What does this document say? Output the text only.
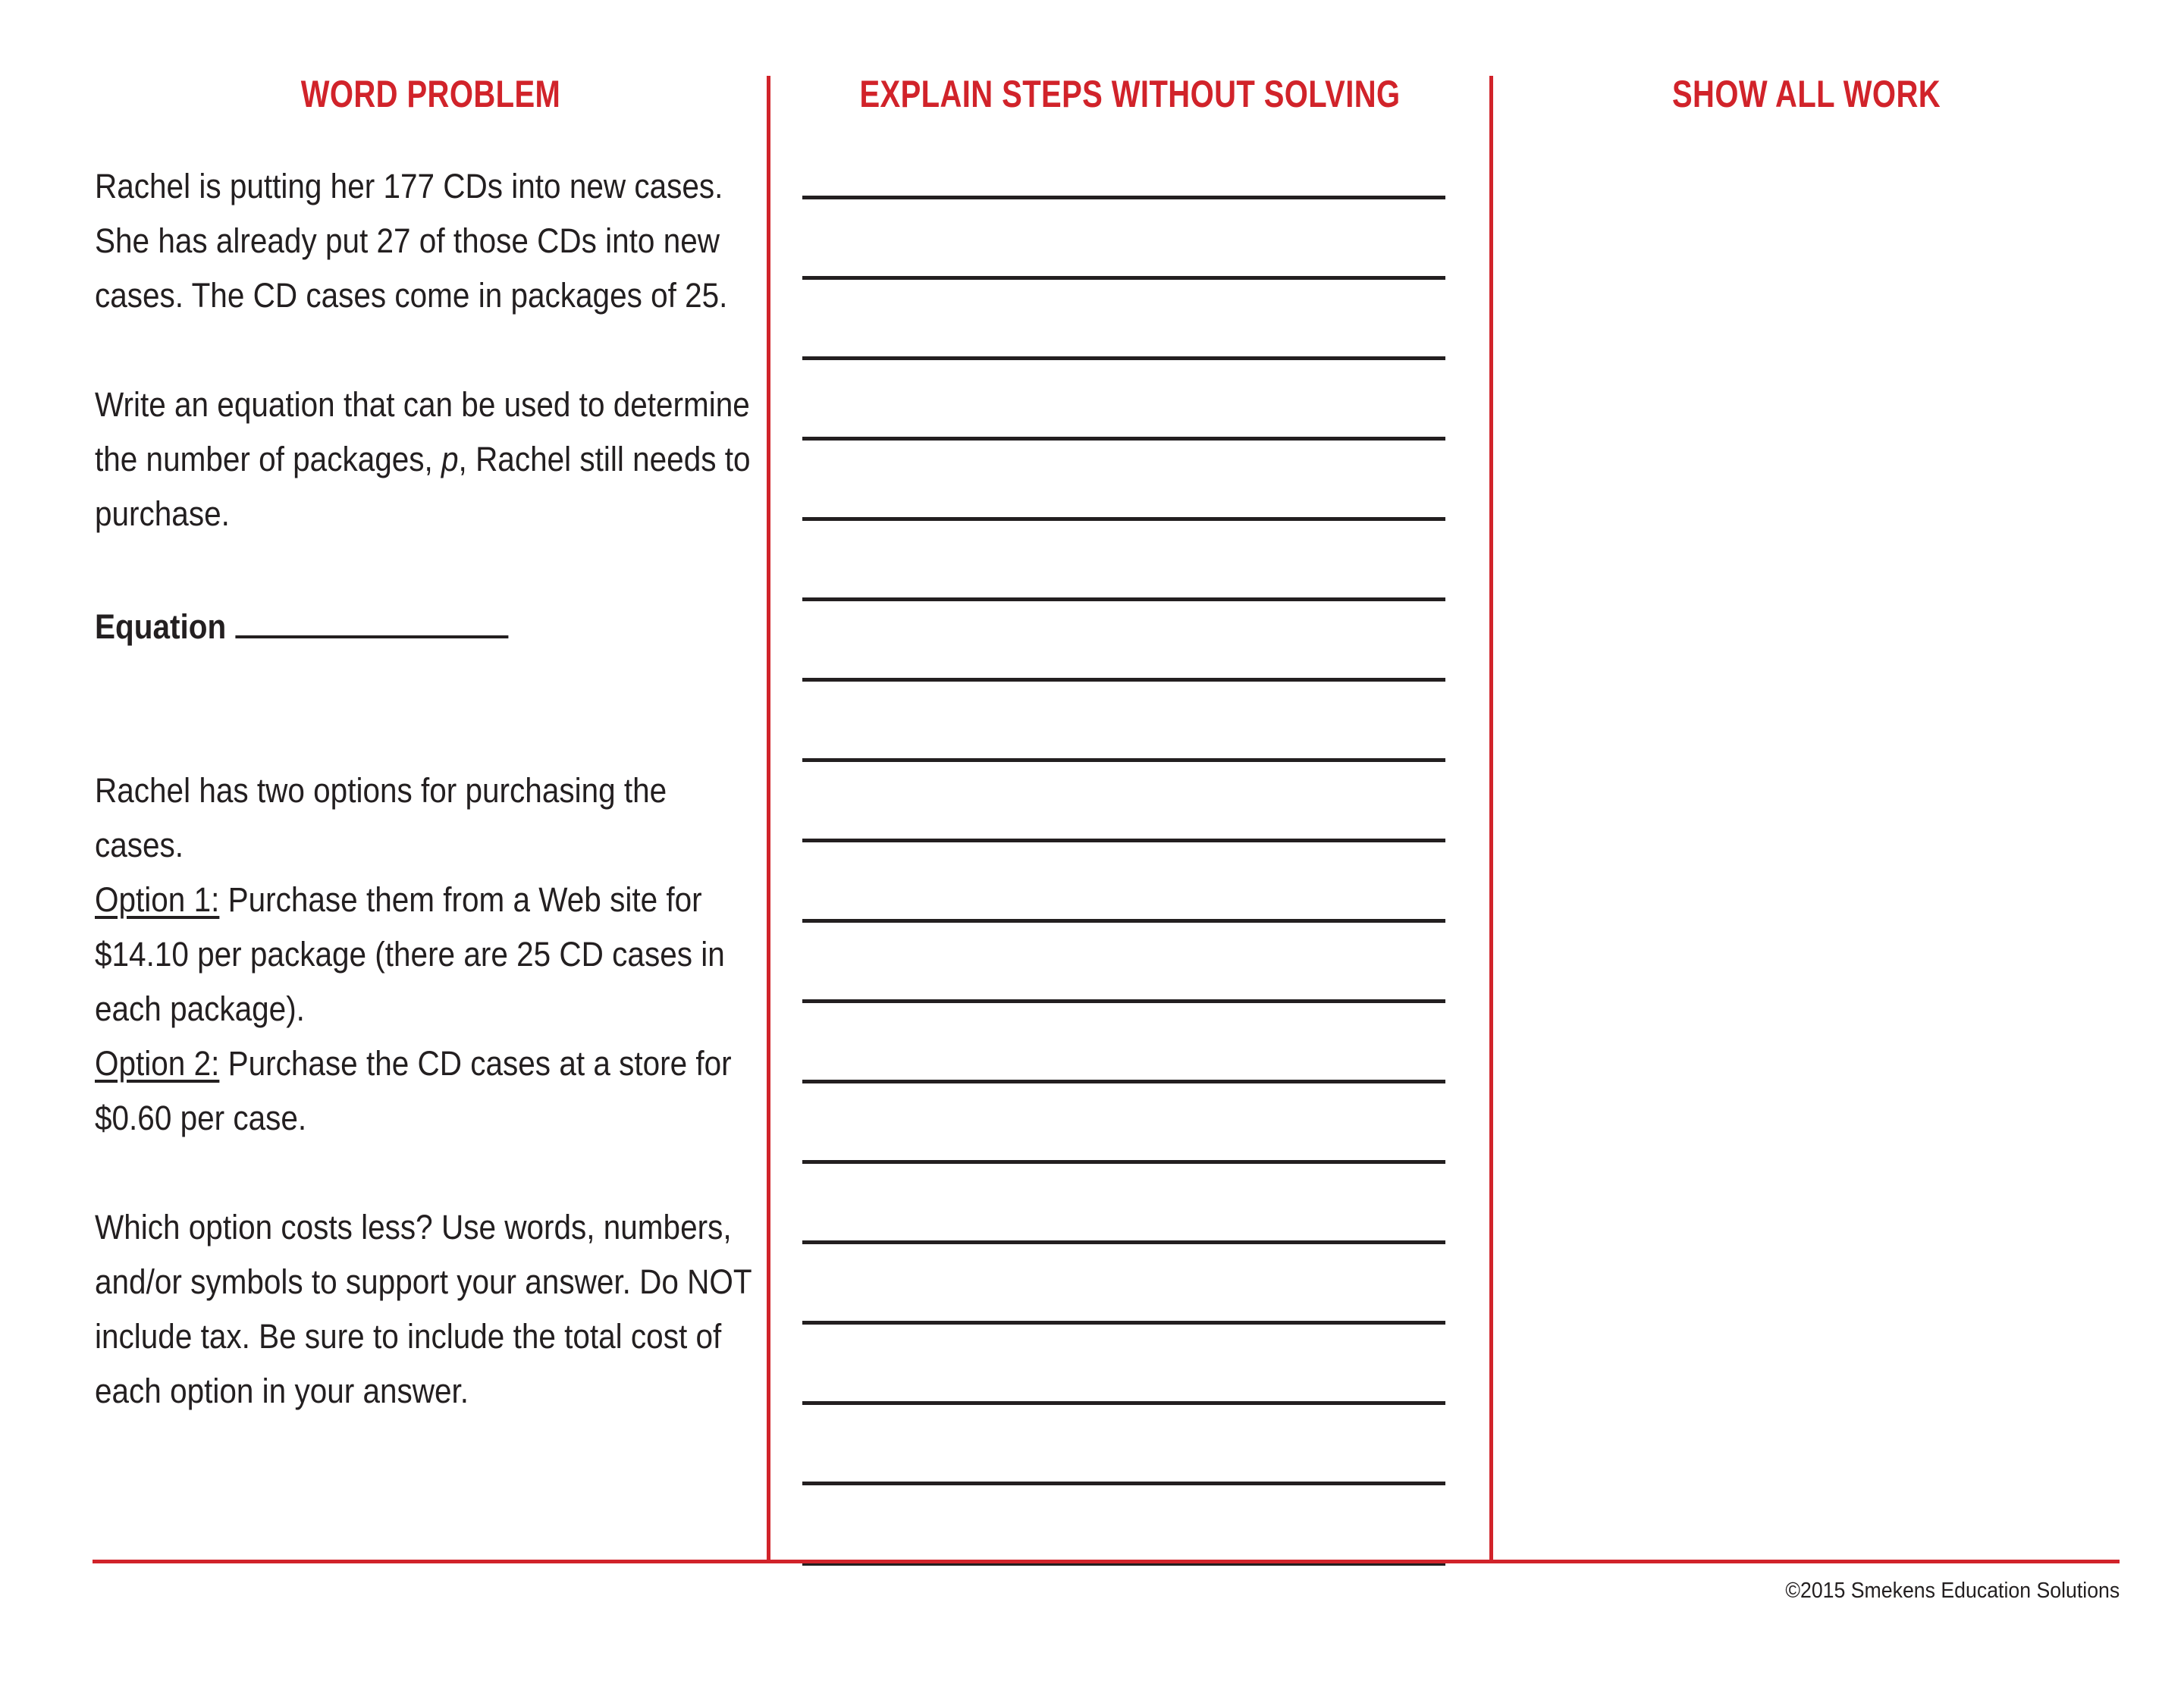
WORD PROBLEM	EXPLAIN STEPS WITHOUT SOLVING	SHOW ALL WORK

Rachel is putting her 177 CDs into new cases. She has already put 27 of those CDs into new cases. The CD cases come in packages of 25.

Write an equation that can be used to determine the number of packages, p, Rachel still needs to purchase.

Equation

Rachel has two options for purchasing the cases.

Option 1: Purchase them from a Web site for $14.10 per package (there are 25 CD cases in each package).

Option 2: Purchase the CD cases at a store for $0.60 per case.

Which option costs less? Use words, numbers, and/or symbols to support your answer. Do NOT include tax. Be sure to include the total cost of each option in your answer.

©2015 Smekens Education Solutions
